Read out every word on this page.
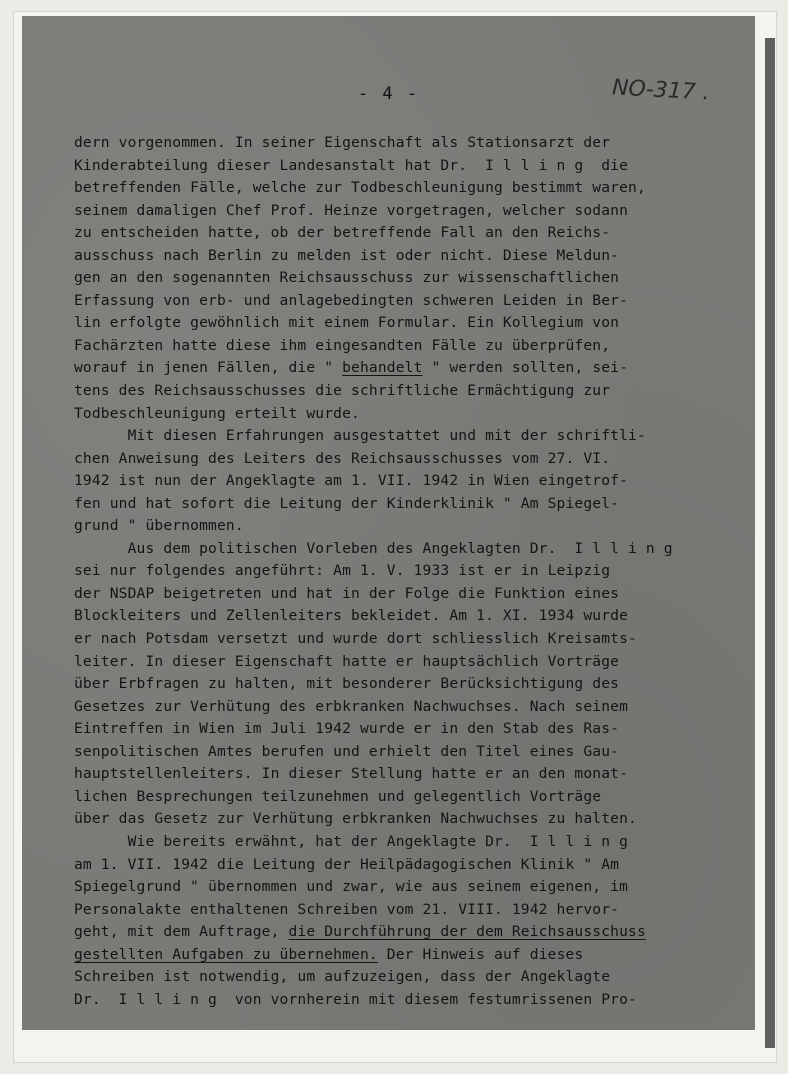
- 4 -	NO-317 .
dern vorgenommen. In seiner Eigenschaft als Stationsarzt der
Kinderabteilung dieser Landesanstalt hat Dr.  I l l i n g  die
betreffenden Fälle, welche zur Todbeschleunigung bestimmt waren,
seinem damaligen Chef Prof. Heinze vorgetragen, welcher sodann
zu entscheiden hatte, ob der betreffende Fall an den Reichs-
ausschuss nach Berlin zu melden ist oder nicht. Diese Meldun-
gen an den sogenannten Reichsausschuss zur wissenschaftlichen
Erfassung von erb- und anlagebedingten schweren Leiden in Ber-
lin erfolgte gewöhnlich mit einem Formular. Ein Kollegium von
Fachärzten hatte diese ihm eingesandten Fälle zu überprüfen,
worauf in jenen Fällen, die " behandelt " werden sollten, sei-
tens des Reichsausschusses die schriftliche Ermächtigung zur
Todbeschleunigung erteilt wurde.
Mit diesen Erfahrungen ausgestattet und mit der schriftli-
chen Anweisung des Leiters des Reichsausschusses vom 27. VI.
1942 ist nun der Angeklagte am 1. VII. 1942 in Wien eingetrof-
fen und hat sofort die Leitung der Kinderklinik " Am Spiegel-
grund " übernommen.
Aus dem politischen Vorleben des Angeklagten Dr.  I l l i n g
sei nur folgendes angeführt: Am 1. V. 1933 ist er in Leipzig
der NSDAP beigetreten und hat in der Folge die Funktion eines
Blockleiters und Zellenleiters bekleidet. Am 1. XI. 1934 wurde
er nach Potsdam versetzt und wurde dort schliesslich Kreisamts-
leiter. In dieser Eigenschaft hatte er hauptsächlich Vorträge
über Erbfragen zu halten, mit besonderer Berücksichtigung des
Gesetzes zur Verhütung des erbkranken Nachwuchses. Nach seinem
Eintreffen in Wien im Juli 1942 wurde er in den Stab des Ras-
senpolitischen Amtes berufen und erhielt den Titel eines Gau-
hauptstellenleiters. In dieser Stellung hatte er an den monat-
lichen Besprechungen teilzunehmen und gelegentlich Vorträge
über das Gesetz zur Verhütung erbkranken Nachwuchses zu halten.
Wie bereits erwähnt, hat der Angeklagte Dr.  I l l i n g
am 1. VII. 1942 die Leitung der Heilpädagogischen Klinik " Am
Spiegelgrund " übernommen und zwar, wie aus seinem eigenen, im
Personalakte enthaltenen Schreiben vom 21. VIII. 1942 hervor-
geht, mit dem Auftrage, die Durchführung der dem Reichsausschuss
gestellten Aufgaben zu übernehmen. Der Hinweis auf dieses
Schreiben ist notwendig, um aufzuzeigen, dass der Angeklagte
Dr.  I l l i n g  von vornherein mit diesem festumrissenen Pro-
